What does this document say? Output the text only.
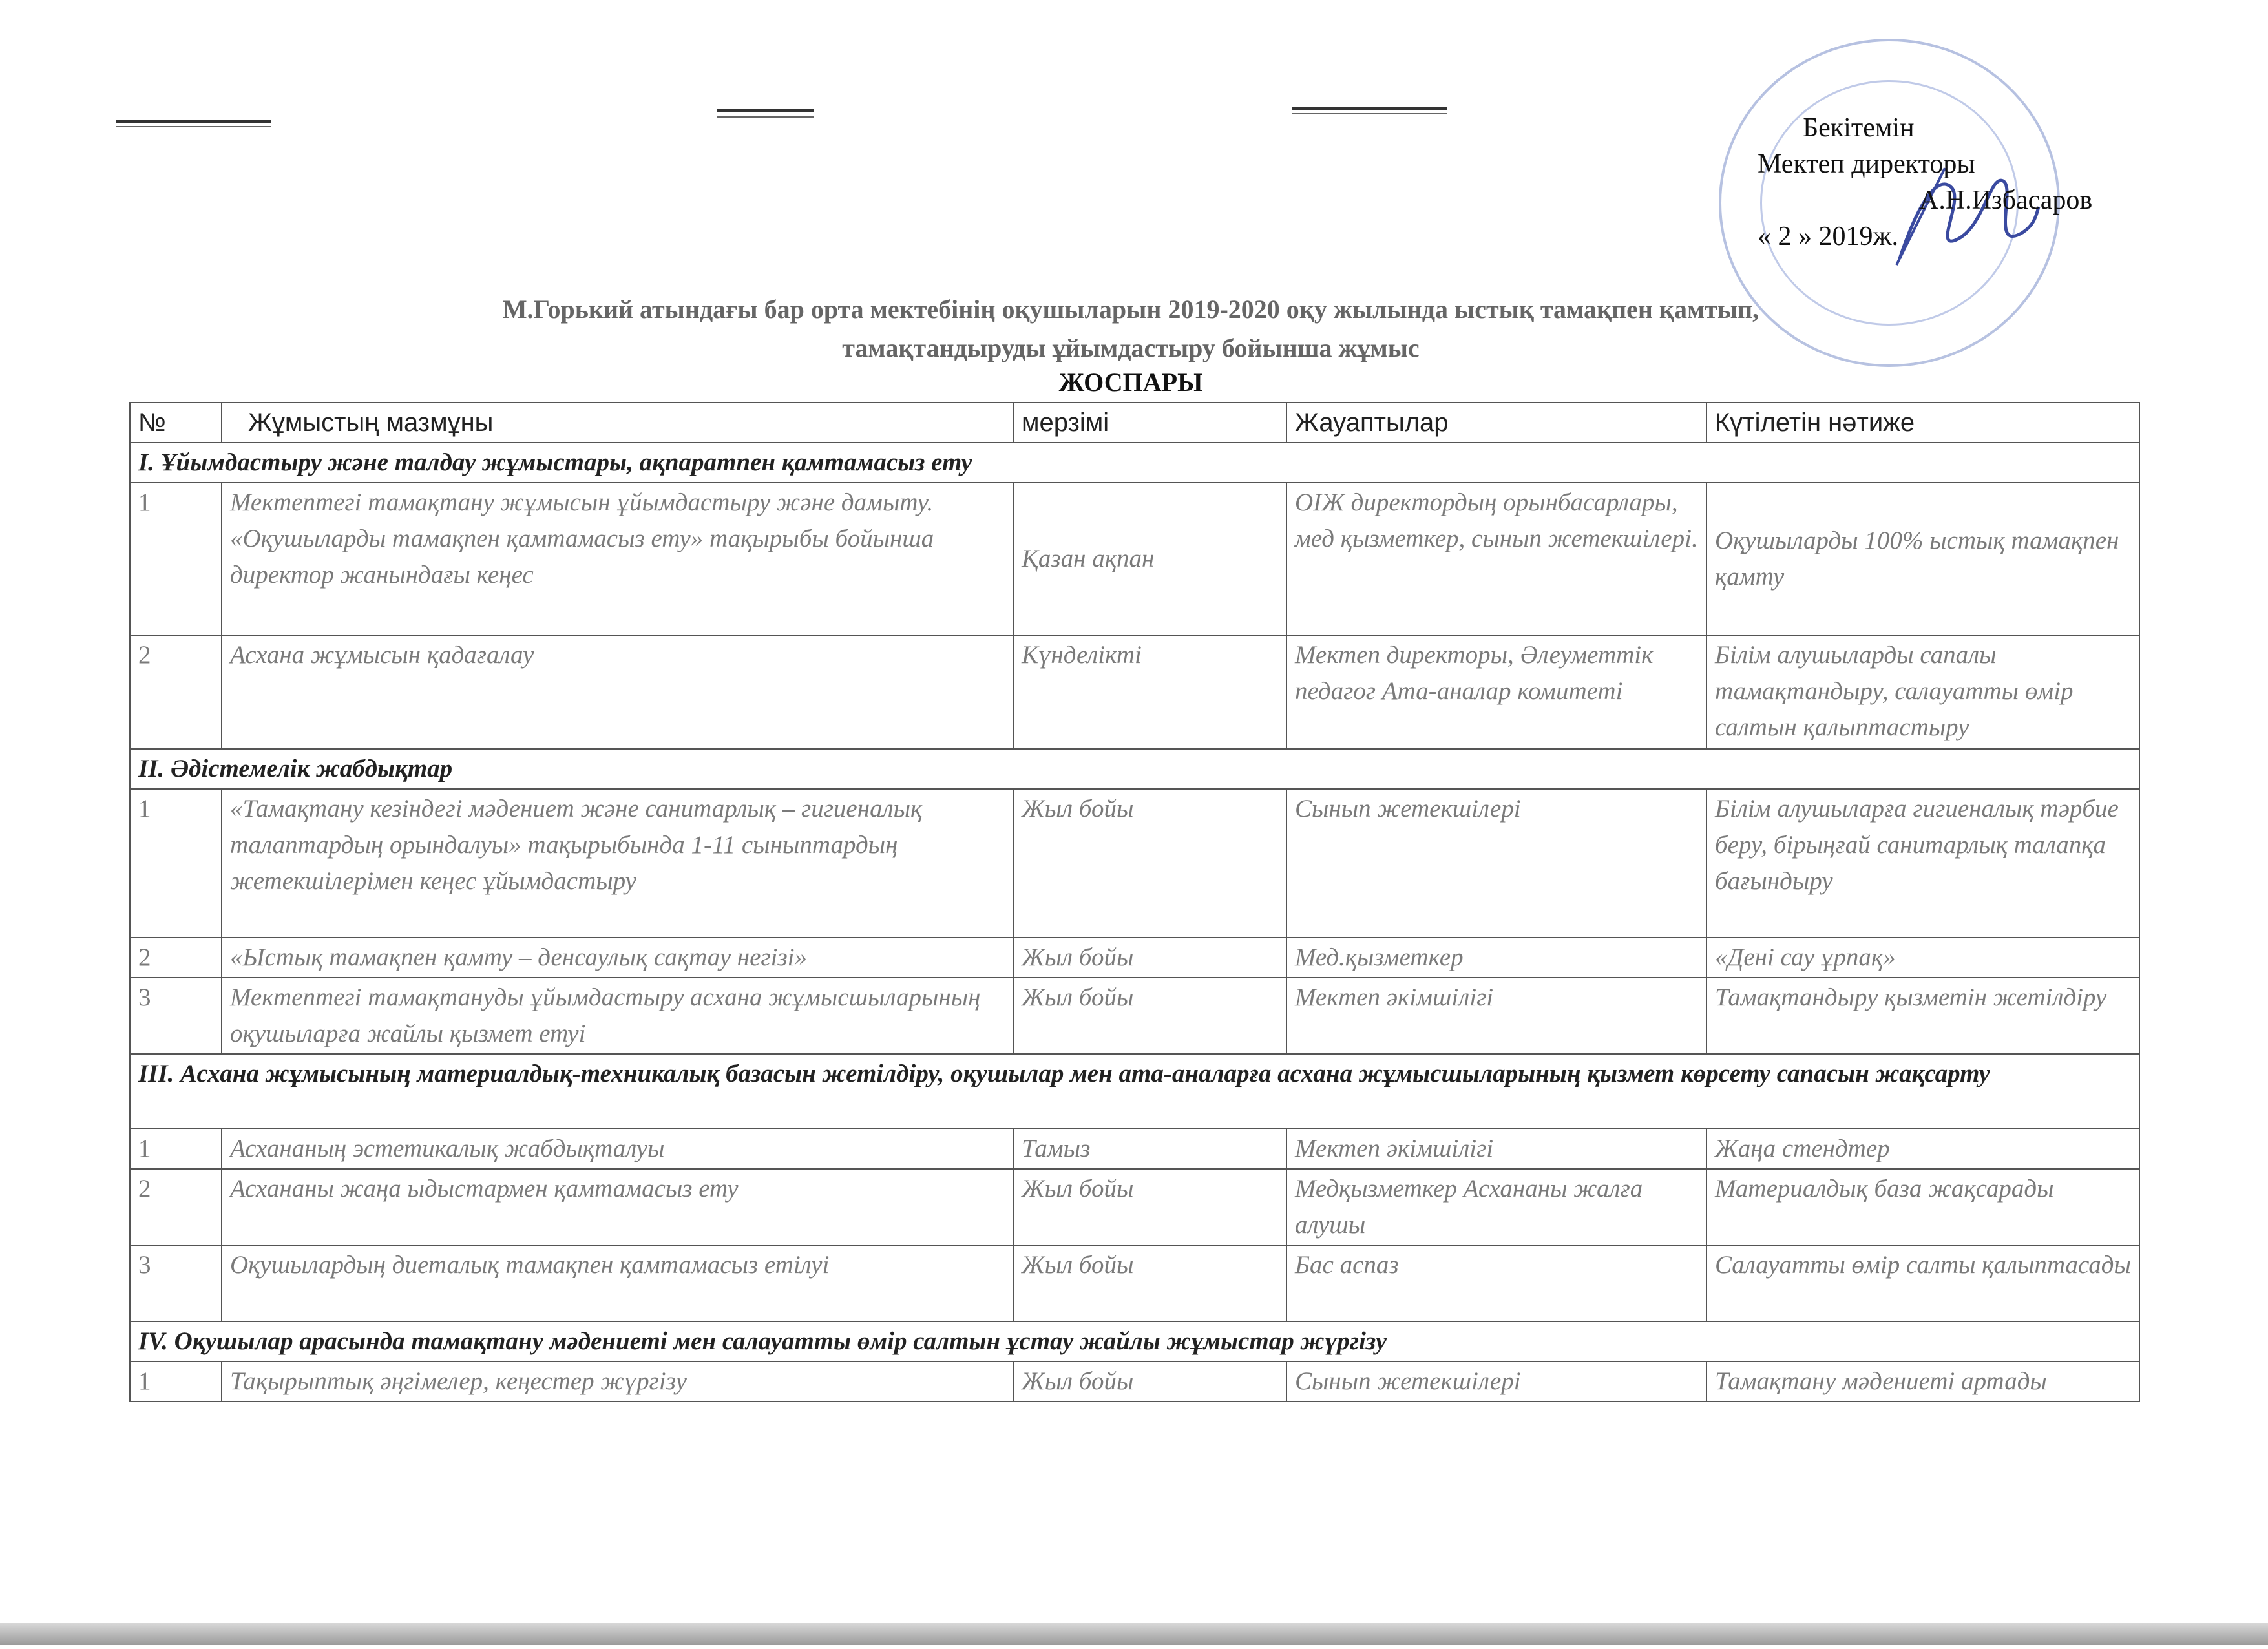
Бекітемін
Мектеп директоры
А.Н.Избасаров
« 2 » 2019ж.
М.Горький атындағы бар орта мектебінің оқушыларын 2019-2020 оқу жылында ыстық тамақпен қамтып,
тамақтандыруды ұйымдастыру бойынша жұмыс
ЖОСПАРЫ
№	Жұмыстың мазмұны	мерзімі	Жауаптылар	Күтілетін нәтиже
І. Ұйымдастыру және талдау жұмыстары, ақпаратпен қамтамасыз ету				
1	Мектептегі тамақтану жұмысын ұйымдастыру және дамыту. «Оқушыларды тамақпен қамтамасыз ету» тақырыбы бойынша директор жанындағы кеңес	Қазан ақпан	ОІЖ директордың орынбасарлары, мед қызметкер, сынып жетекшілері.	Оқушыларды 100% ыстық тамақпен қамту
2	Асхана жұмысын қадағалау	Күнделікті	Мектеп директоры, Әлеуметтік педагог Ата-аналар комитеті	Білім алушыларды сапалы тамақтандыру, салауатты өмір салтын қалыптастыру
ІІ. Әдістемелік жабдықтар				
1	«Тамақтану кезіндегі мәдениет және санитарлық – гигиеналық талаптардың орындалуы» тақырыбында 1-11 сыныптардың жетекшілерімен кеңес ұйымдастыру	Жыл бойы	Сынып жетекшілері	Білім алушыларға гигиеналық тәрбие беру, бірыңғай санитарлық талапқа бағындыру
2	«Ыстық тамақпен қамту – денсаулық сақтау негізі»	Жыл бойы	Мед.қызметкер	«Дені сау ұрпақ»
3	Мектептегі тамақтануды ұйымдастыру асхана жұмысшыларының оқушыларға жайлы қызмет етуі	Жыл бойы	Мектеп әкімшілігі	Тамақтандыру қызметін жетілдіру
ІІІ. Асхана жұмысының материалдық-техникалық базасын жетілдіру, оқушылар мен ата-аналарға асхана жұмысшыларының қызмет көрсету сапасын жақсарту				
1	Асхананың эстетикалық жабдықталуы	Тамыз	Мектеп әкімшілігі	Жаңа стендтер
2	Асхананы жаңа ыдыстармен қамтамасыз ету	Жыл бойы	Медқызметкер Асхананы жалға алушы	Материалдық база жақсарады
3	Оқушылардың диеталық тамақпен қамтамасыз етілуі	Жыл бойы	Бас аспаз	Салауатты өмір салты қалыптасады
ІV. Оқушылар арасында тамақтану мәдениеті мен салауатты өмір салтын ұстау жайлы жұмыстар жүргізу				
1	Тақырыптық әңгімелер, кеңестер жүргізу	Жыл бойы	Сынып жетекшілері	Тамақтану мәдениеті артады
